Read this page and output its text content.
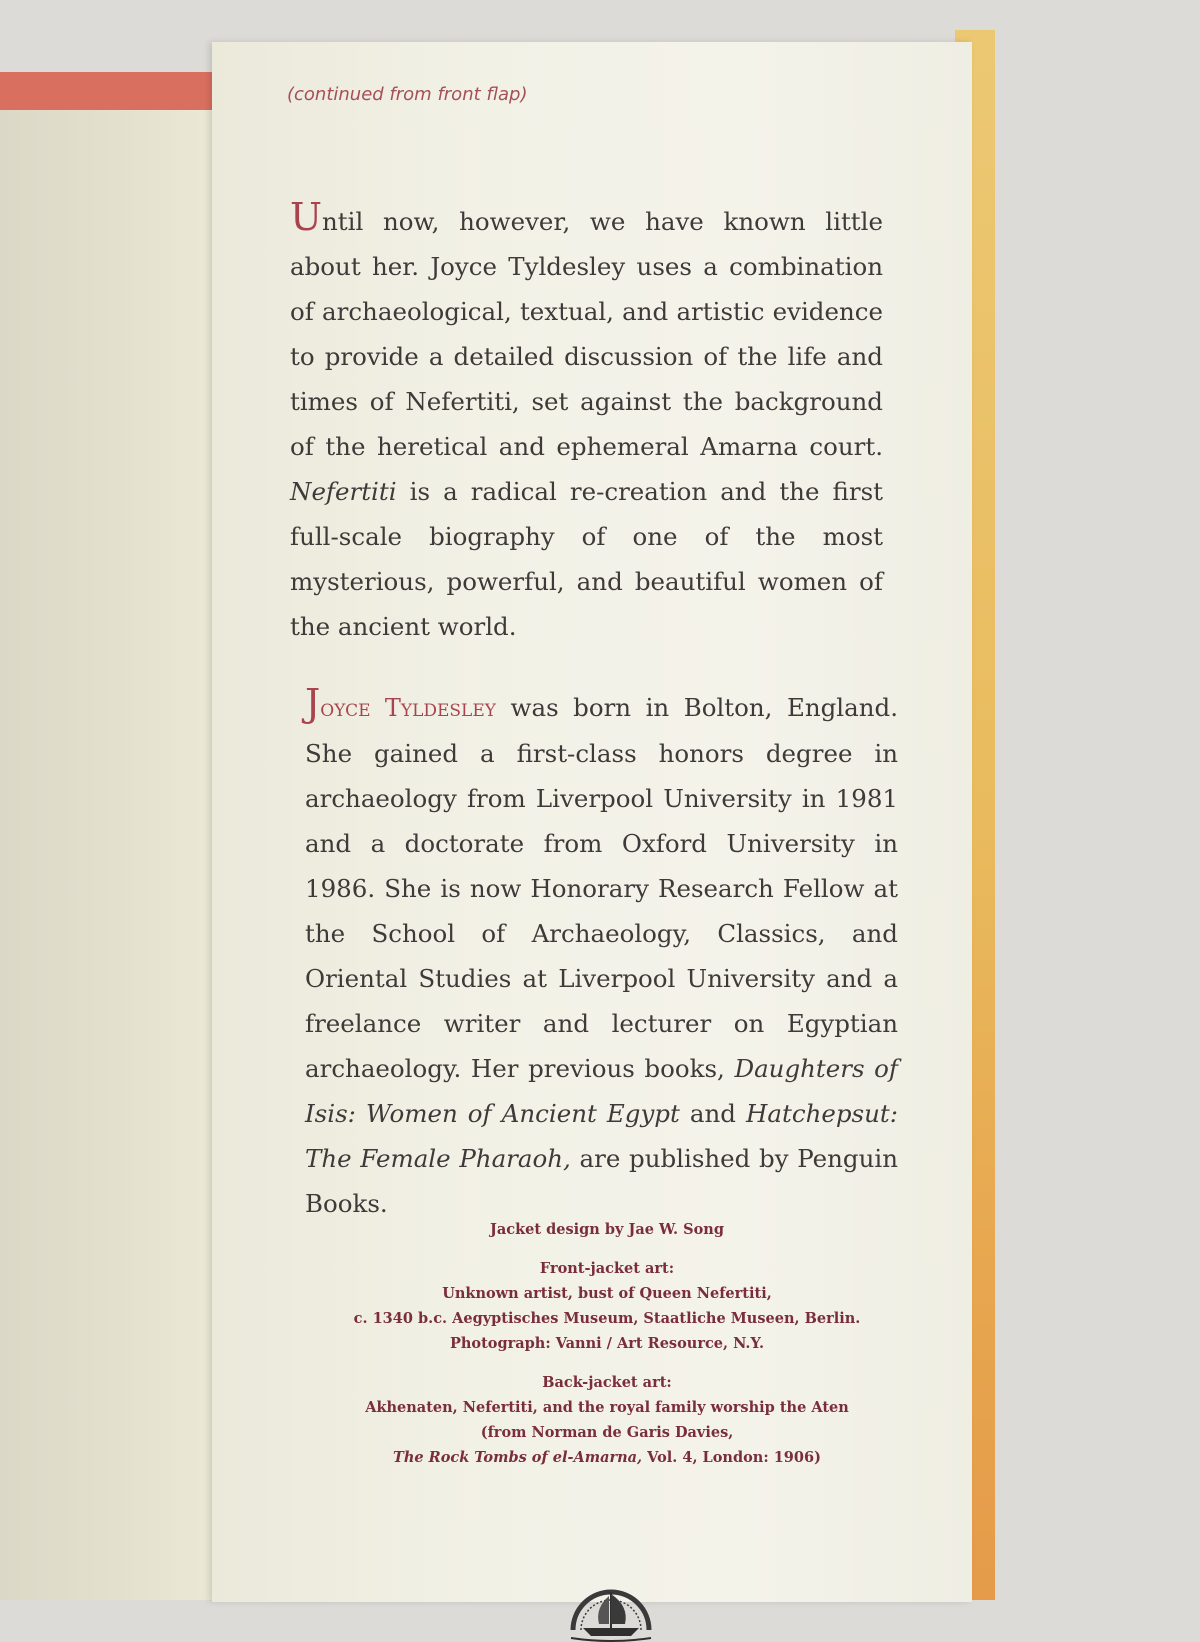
(continued from front flap)

Until now, however, we have known little about her. Joyce Tyldesley uses a combination of archaeological, textual, and artistic evidence to provide a detailed discussion of the life and times of Nefertiti, set against the background of the heretical and ephemeral Amarna court. Nefertiti is a radical re-creation and the first full-scale biography of one of the most mysterious, powerful, and beautiful women of the ancient world.

Joyce Tyldesley was born in Bolton, England. She gained a first-class honors degree in archaeology from Liverpool University in 1981 and a doctorate from Oxford University in 1986. She is now Honorary Research Fellow at the School of Archaeology, Classics, and Oriental Studies at Liverpool University and a freelance writer and lecturer on Egyptian archaeology. Her previous books, Daughters of Isis: Women of Ancient Egypt and Hatchepsut: The Female Pharaoh, are published by Penguin Books.

Jacket design by Jae W. Song
Front-jacket art:
Unknown artist, bust of Queen Nefertiti,
c. 1340 b.c. Aegyptisches Museum, Staatliche Museen, Berlin.
Photograph: Vanni / Art Resource, N.Y.
Back-jacket art:
Akhenaten, Nefertiti, and the royal family worship the Aten
(from Norman de Garis Davies,
The Rock Tombs of el-Amarna, Vol. 4, London: 1906)
